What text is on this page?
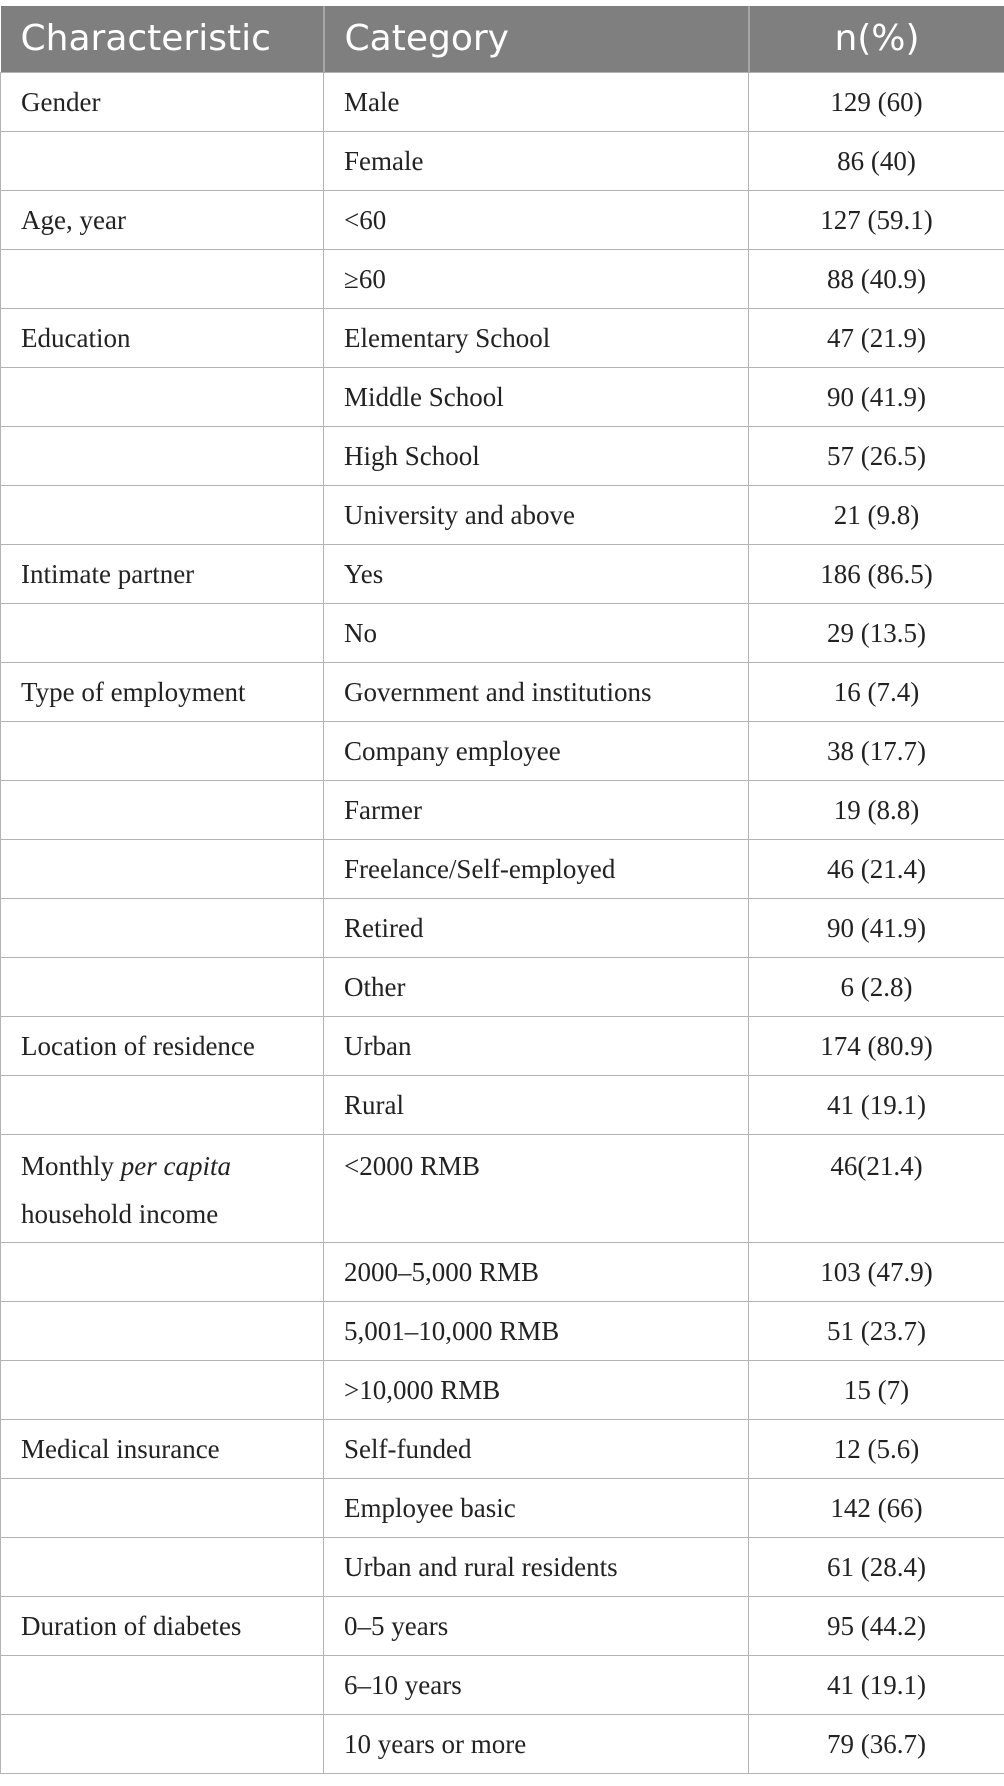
Characteristic	Category	n(%)
Gender	Male	129 (60)
	Female	86 (40)
Age, year	<60	127 (59.1)
	≥60	88 (40.9)
Education	Elementary School	47 (21.9)
	Middle School	90 (41.9)
	High School	57 (26.5)
	University and above	21 (9.8)
Intimate partner	Yes	186 (86.5)
	No	29 (13.5)
Type of employment	Government and institutions	16 (7.4)
	Company employee	38 (17.7)
	Farmer	19 (8.8)
	Freelance/Self-employed	46 (21.4)
	Retired	90 (41.9)
	Other	6 (2.8)
Location of residence	Urban	174 (80.9)
	Rural	41 (19.1)
Monthly per capita household income	<2000 RMB	46(21.4)
	2000–5,000 RMB	103 (47.9)
	5,001–10,000 RMB	51 (23.7)
	>10,000 RMB	15 (7)
Medical insurance	Self-funded	12 (5.6)
	Employee basic	142 (66)
	Urban and rural residents	61 (28.4)
Duration of diabetes	0–5 years	95 (44.2)
	6–10 years	41 (19.1)
	10 years or more	79 (36.7)
